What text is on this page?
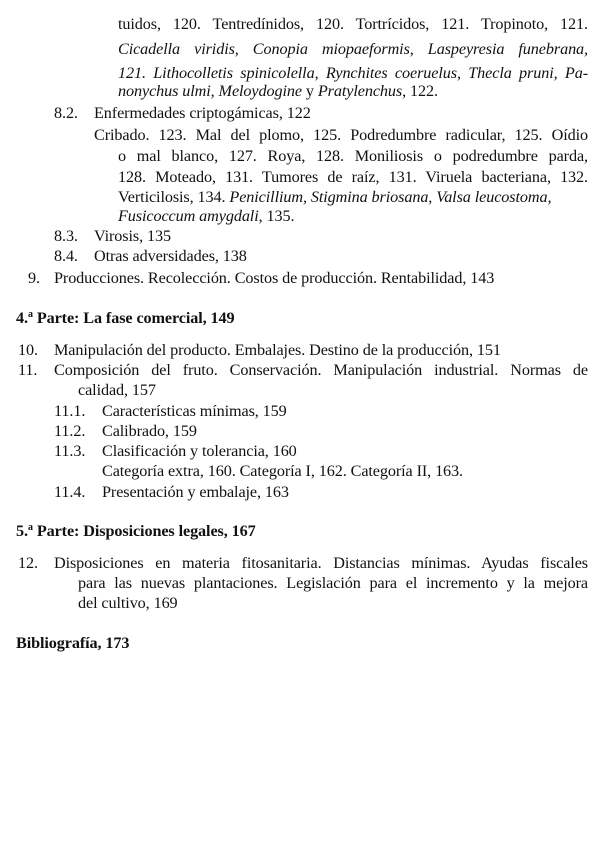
tuidos, 120. Tentredínidos, 120. Tortrícidos, 121. Tropinoto, 121.
Cicadella viridis, Conopia miopaeformis, Laspeyresia funebrana,
121. Lithocolletis spinicolella, Rynchites coeruelus, Thecla pruni, Pa-
nonychus ulmi, Meloydogine y Pratylenchus, 122.
8.2. Enfermedades criptogámicas, 122
Cribado. 123. Mal del plomo, 125. Podredumbre radicular, 125. Oídio
o mal blanco, 127. Roya, 128. Moniliosis o podredumbre parda,
128. Moteado, 131. Tumores de raíz, 131. Viruela bacteriana, 132.
Verticilosis, 134. Penicillium, Stigmina briosana, Valsa leucostoma,
Fusicoccum amygdali, 135.
8.3. Virosis, 135
8.4. Otras adversidades, 138
9. Producciones. Recolección. Costos de producción. Rentabilidad, 143
4.$^a$ Parte: La fase comercial, 149
10. Manipulación del producto. Embalajes. Destino de la producción, 151
11. Composición del fruto. Conservación. Manipulación industrial. Normas de
calidad, 157
11.1. Características mínimas, 159
11.2. Calibrado, 159
11.3. Clasificación y tolerancia, 160
Categoría extra, 160. Categoría I, 162. Categoría II, 163.
11.4. Presentación y embalaje, 163
5.$^a$ Parte: Disposiciones legales, 167
12. Disposiciones en materia fitosanitaria. Distancias mínimas. Ayudas fiscales
para las nuevas plantaciones. Legislación para el incremento y la mejora
del cultivo, 169
Bibliografía, 173
